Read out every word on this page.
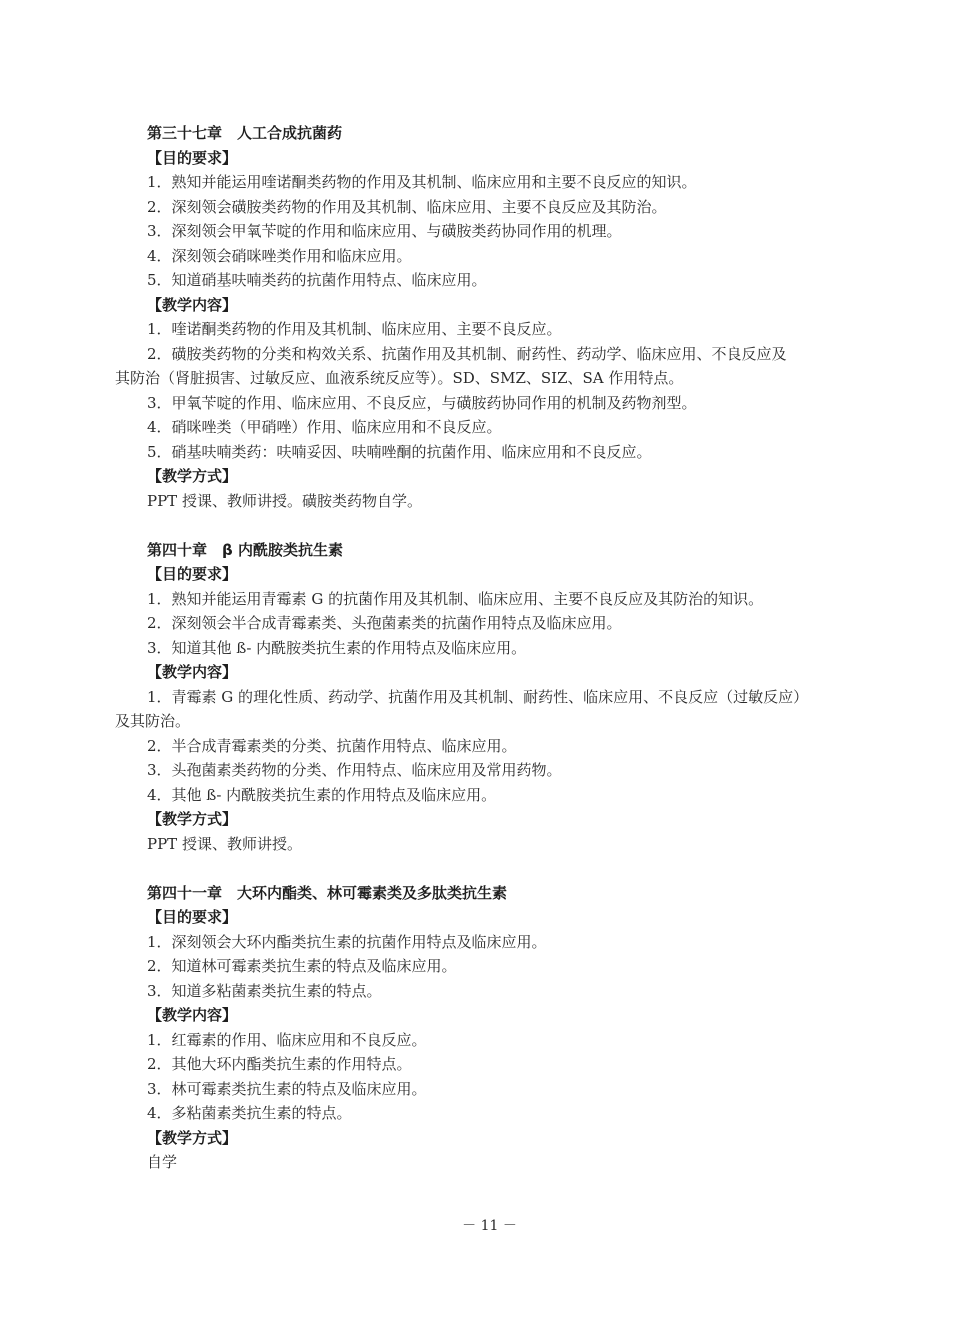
第三十七章　人工合成抗菌药
【目的要求】
1．熟知并能运用喹诺酮类药物的作用及其机制、临床应用和主要不良反应的知识。
2．深刻领会磺胺类药物的作用及其机制、临床应用、主要不良反应及其防治。
3．深刻领会甲氧苄啶的作用和临床应用、与磺胺类药协同作用的机理。
4．深刻领会硝咪唑类作用和临床应用。
5．知道硝基呋喃类药的抗菌作用特点、临床应用。
【教学内容】
1．喹诺酮类药物的作用及其机制、临床应用、主要不良反应。
2．磺胺类药物的分类和构效关系、抗菌作用及其机制、耐药性、药动学、临床应用、不良反应及
其防治（肾脏损害、过敏反应、血液系统反应等）。SD、SMZ、SIZ、SA 作用特点。
3．甲氧苄啶的作用、临床应用、不良反应，与磺胺药协同作用的机制及药物剂型。
4．硝咪唑类（甲硝唑）作用、临床应用和不良反应。
5．硝基呋喃类药：呋喃妥因、呋喃唑酮的抗菌作用、临床应用和不良反应。
【教学方式】
PPT 授课、教师讲授。磺胺类药物自学。
第四十章　β 内酰胺类抗生素
【目的要求】
1．熟知并能运用青霉素 G 的抗菌作用及其机制、临床应用、主要不良反应及其防治的知识。
2．深刻领会半合成青霉素类、头孢菌素类的抗菌作用特点及临床应用。
3．知道其他 ß- 内酰胺类抗生素的作用特点及临床应用。
【教学内容】
1．青霉素 G 的理化性质、药动学、抗菌作用及其机制、耐药性、临床应用、不良反应（过敏反应）
及其防治。
2．半合成青霉素类的分类、抗菌作用特点、临床应用。
3．头孢菌素类药物的分类、作用特点、临床应用及常用药物。
4．其他 ß- 内酰胺类抗生素的作用特点及临床应用。
【教学方式】
PPT 授课、教师讲授。
第四十一章　大环内酯类、林可霉素类及多肽类抗生素
【目的要求】
1．深刻领会大环内酯类抗生素的抗菌作用特点及临床应用。
2．知道林可霉素类抗生素的特点及临床应用。
3．知道多粘菌素类抗生素的特点。
【教学内容】
1．红霉素的作用、临床应用和不良反应。
2．其他大环内酯类抗生素的作用特点。
3．林可霉素类抗生素的特点及临床应用。
4．多粘菌素类抗生素的特点。
【教学方式】
自学
－ 11 －
